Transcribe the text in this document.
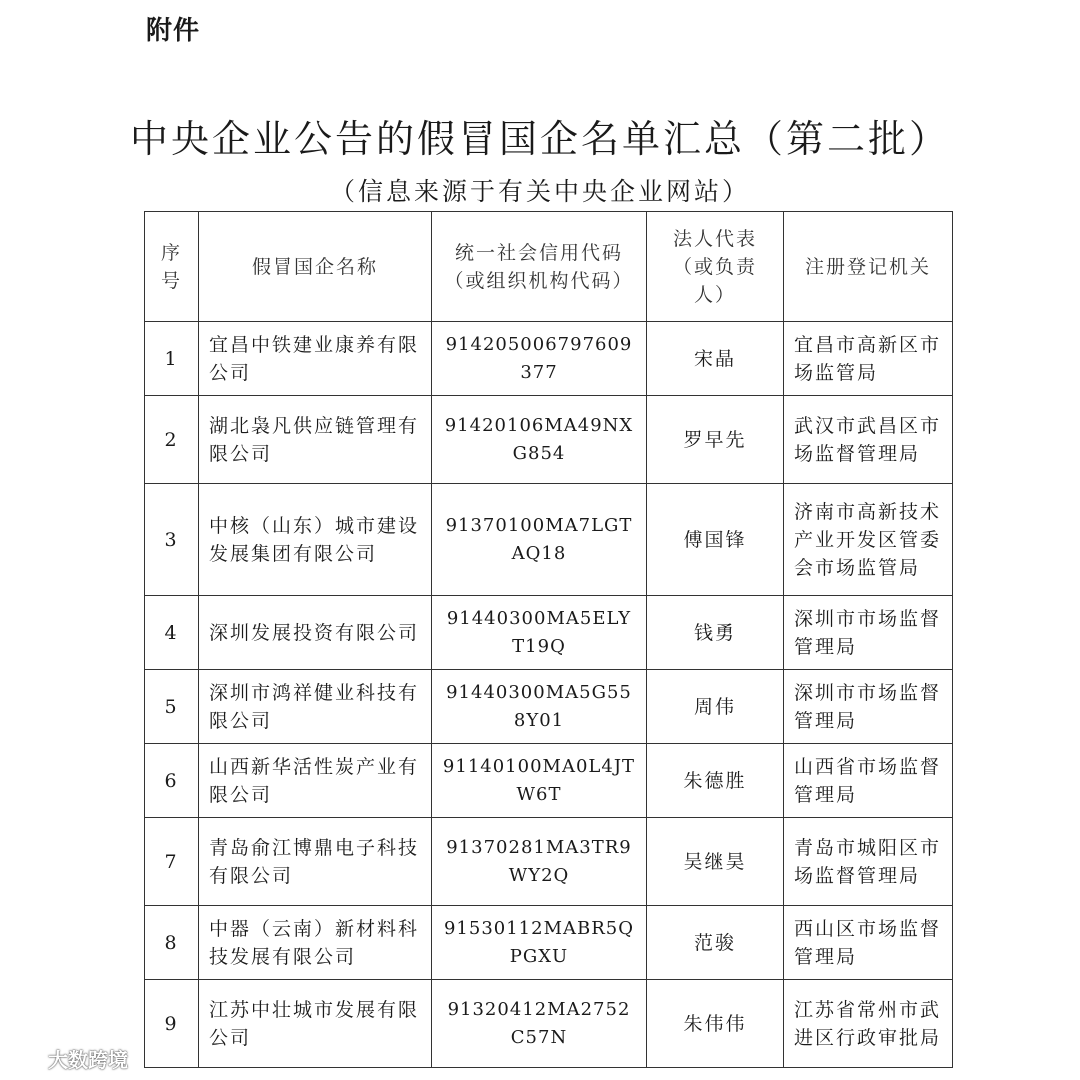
附件
中央企业公告的假冒国企名单汇总（第二批）
（信息来源于有关中央企业网站）
序号	假冒国企名称	统一社会信用代码（或组织机构代码）	法人代表（或负责人）	注册登记机关
1	宜昌中铁建业康养有限公司	914205006797609377	宋晶	宜昌市高新区市场监管局
2	湖北袅凡供应链管理有限公司	91420106MA49NXG854	罗早先	武汉市武昌区市场监督管理局
3	中核（山东）城市建设发展集团有限公司	91370100MA7LGTAQ18	傅国锋	济南市高新技术产业开发区管委会市场监管局
4	深圳发展投资有限公司	91440300MA5ELYT19Q	钱勇	深圳市市场监督管理局
5	深圳市鸿祥健业科技有限公司	91440300MA5G558Y01	周伟	深圳市市场监督管理局
6	山西新华活性炭产业有限公司	91140100MA0L4JTW6T	朱德胜	山西省市场监督管理局
7	青岛俞江博鼎电子科技有限公司	91370281MA3TR9WY2Q	吴继昊	青岛市城阳区市场监督管理局
8	中器（云南）新材料科技发展有限公司	91530112MABR5QPGXU	范骏	西山区市场监督管理局
9	江苏中壮城市发展有限公司	91320412MA2752C57N	朱伟伟	江苏省常州市武进区行政审批局
大数跨境
